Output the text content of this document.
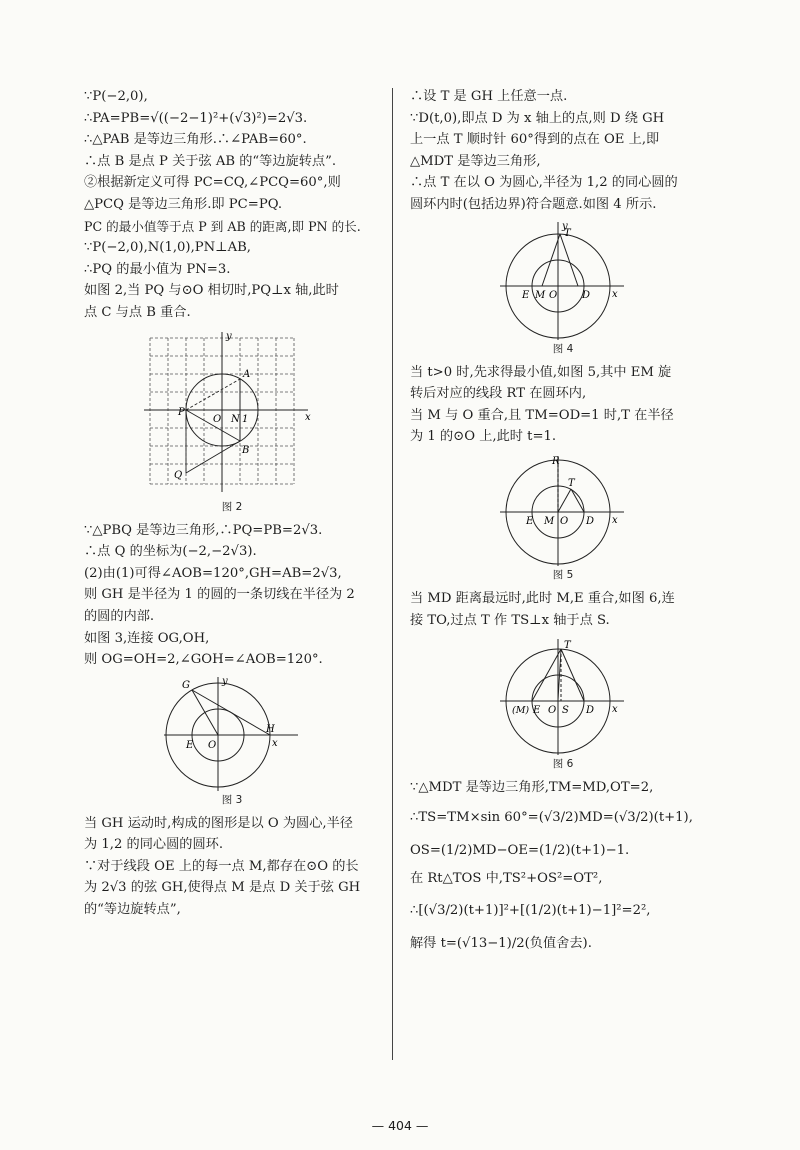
∵P(−2,0),

∴PA=PB=√((−2−1)²+(√3)²)=2√3.

∴△PAB 是等边三角形.∴∠PAB=60°.

∴点 B 是点 P 关于弦 AB 的“等边旋转点”.

②根据新定义可得 PC=CQ,∠PCQ=60°,则

△PCQ 是等边三角形.即 PC=PQ.

PC 的最小值等于点 P 到 AB 的距离,即 PN 的长.

∵P(−2,0),N(1,0),PN⊥AB,

∴PQ 的最小值为 PN=3.

如图 2,当 PQ 与⊙O 相切时,PQ⊥x 轴,此时

点 C 与点 B 重合.

y
x
A
P
O N 1
B
Q
图 2

∵△PBQ 是等边三角形,∴PQ=PB=2√3.

∴点 Q 的坐标为(−2,−2√3).

(2)由(1)可得∠AOB=120°,GH=AB=2√3,

则 GH 是半径为 1 的圆的一条切线在半径为 2

的圆的内部.

如图 3,连接 OG,OH,

则 OG=OH=2,∠GOH=∠AOB=120°.

y
G
H
E O	x
图 3

当 GH 运动时,构成的图形是以 O 为圆心,半径

为 1,2 的同心圆的圆环.

∵对于线段 OE 上的每一点 M,都存在⊙O 的长

为 2√3 的弦 GH,使得点 M 是点 D 关于弦 GH

的“等边旋转点”,

∴设 T 是 GH 上任意一点.

∵D(t,0),即点 D 为 x 轴上的点,则 D 绕 GH

上一点 T 顺时针 60°得到的点在 OE 上,即

△MDT 是等边三角形,

∴点 T 在以 O 为圆心,半径为 1,2 的同心圆的

圆环内时(包括边界)符合题意.如图 4 所示.

y
T
E M O D x
图 4

当 t>0 时,先求得最小值,如图 5,其中 EM 旋

转后对应的线段 RT 在圆环内,

当 M 与 O 重合,且 TM=OD=1 时,T 在半径

为 1 的⊙O 上,此时 t=1.

R
T
E M O D x
图 5

当 MD 距离最远时,此时 M,E 重合,如图 6,连

接 TO,过点 T 作 TS⊥x 轴于点 S.

T
(M) E O S D x
图 6

∵△MDT 是等边三角形,TM=MD,OT=2,

∴TS=TM×sin 60°=(√3/2)MD=(√3/2)(t+1),

OS=(1/2)MD−OE=(1/2)(t+1)−1.

在 Rt△TOS 中,TS²+OS²=OT²,

∴[(√3/2)(t+1)]²+[(1/2)(t+1)−1]²=2²,

解得 t=(√13−1)/2(负值舍去).

— 404 —
